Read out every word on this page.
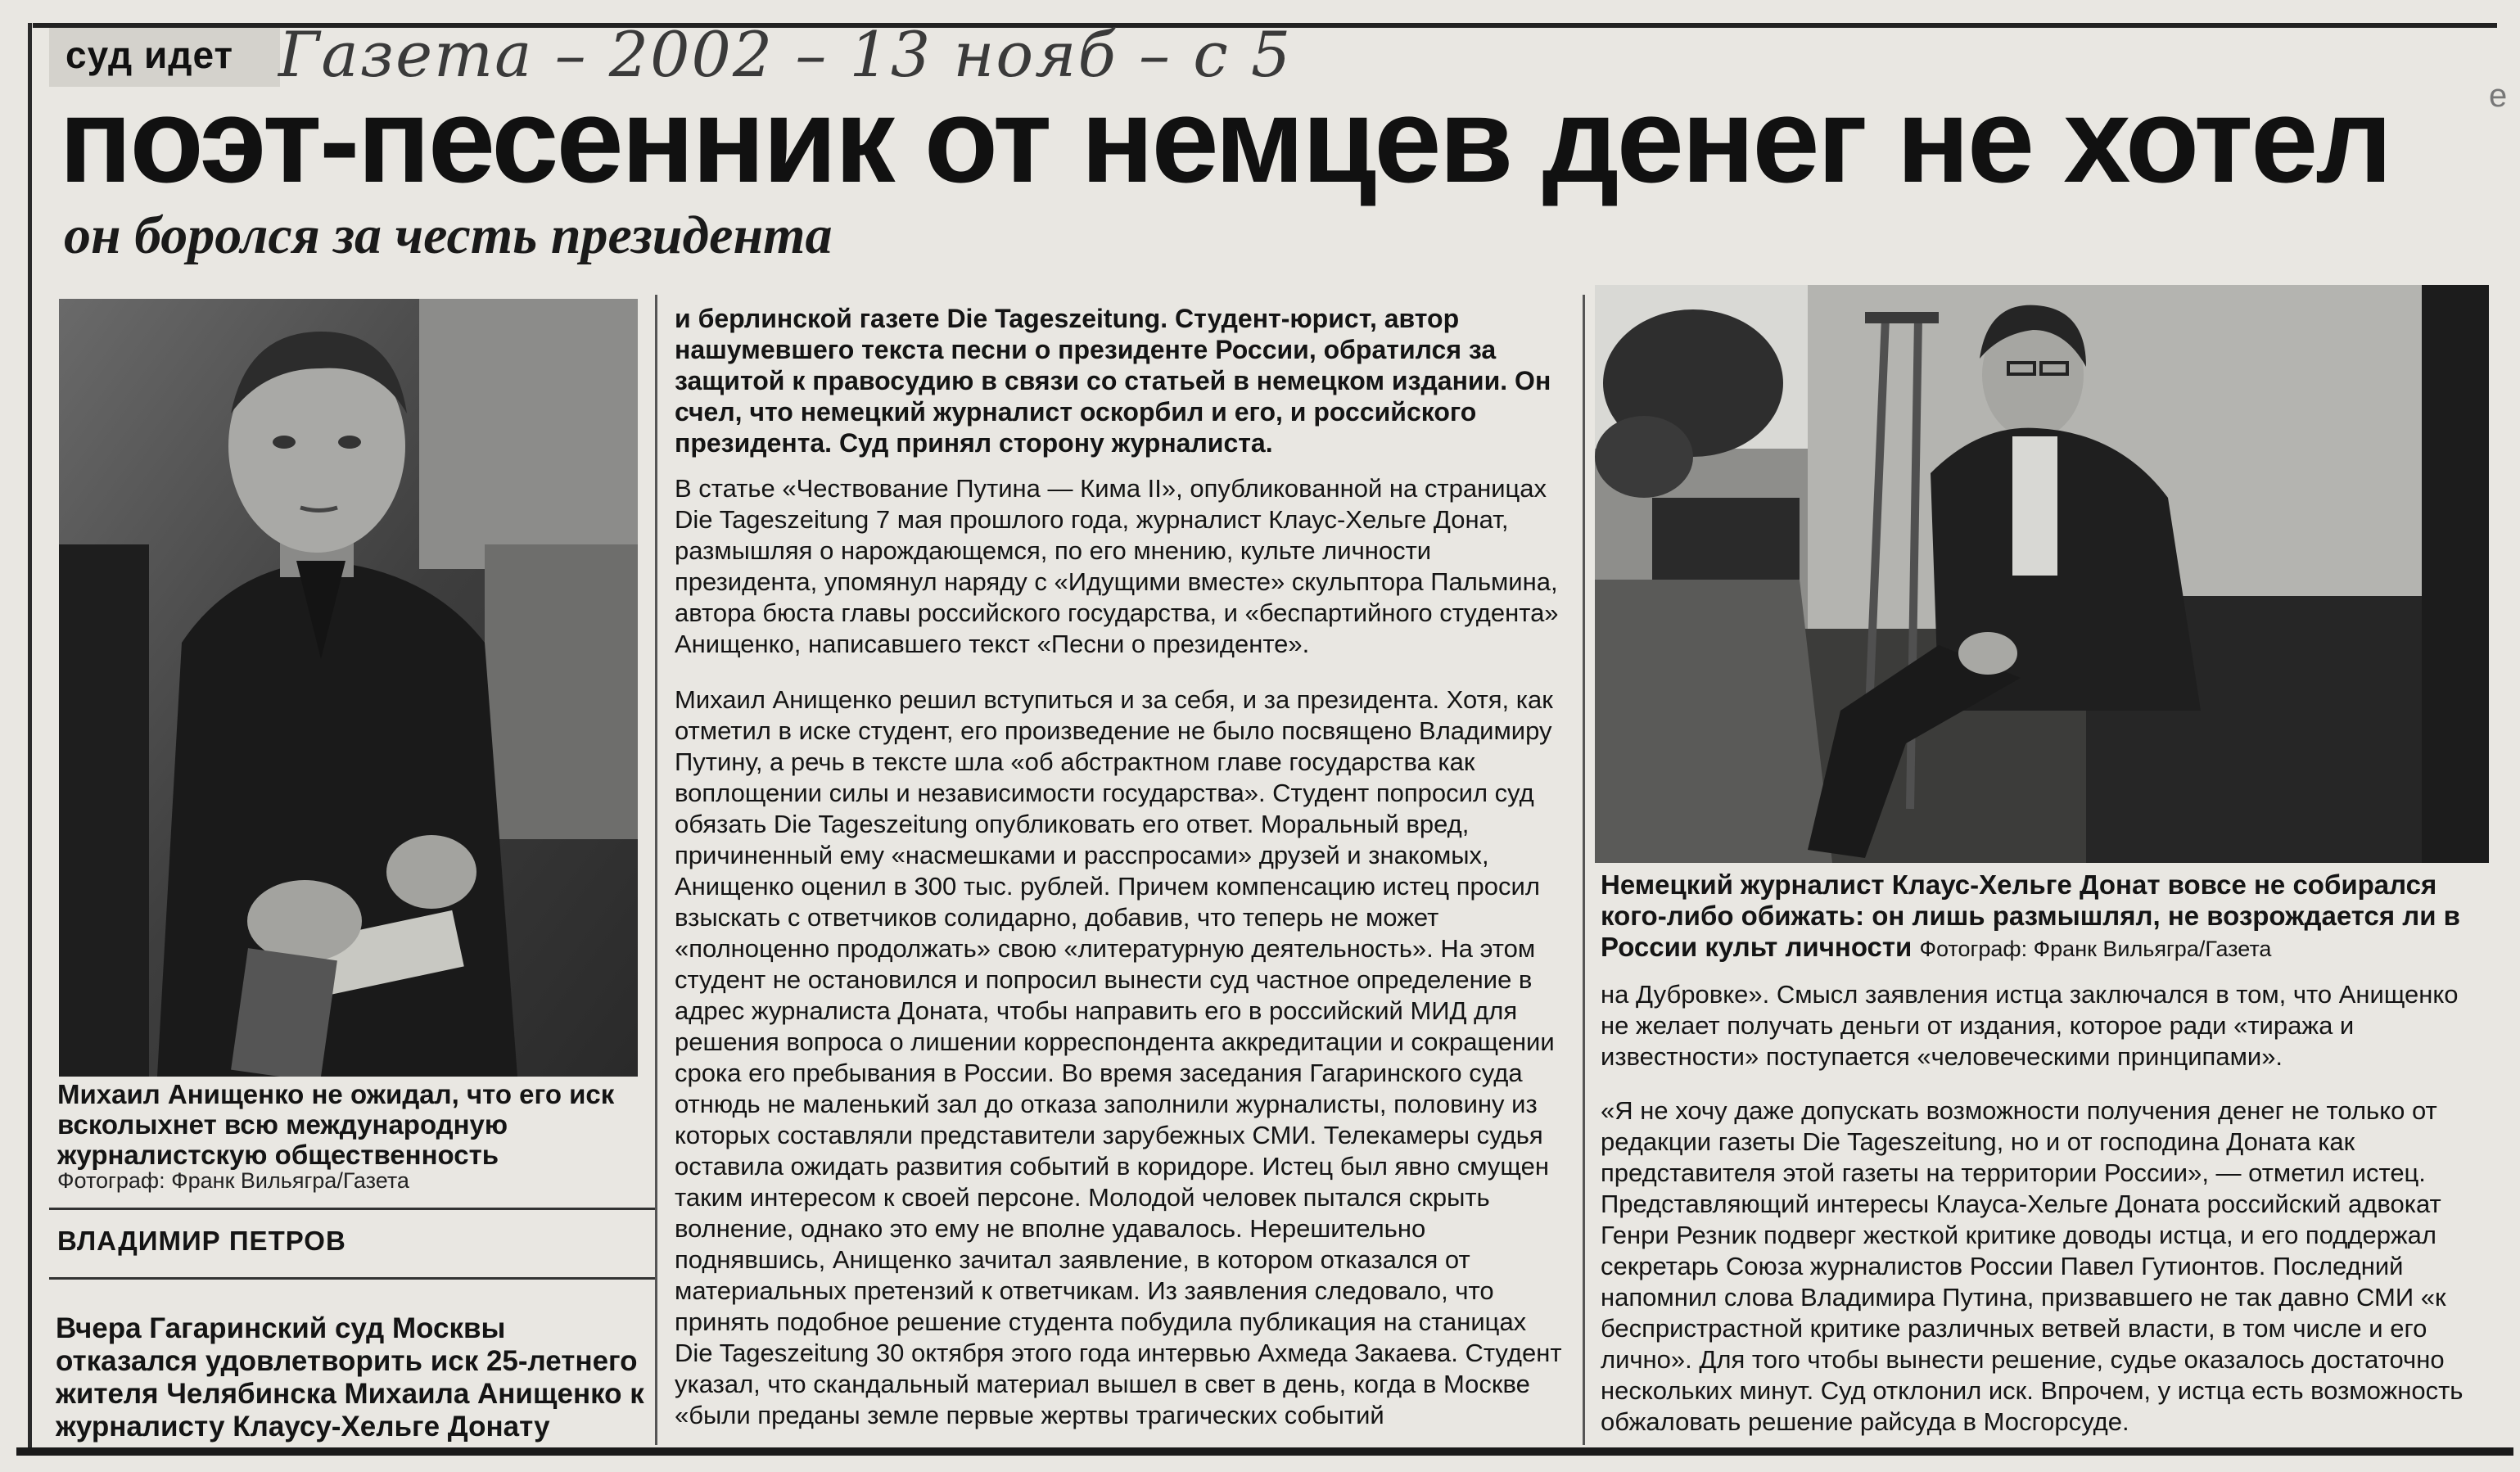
суд идет Газета – 2002 – 13 нояб – с 5
поэт-песенник от немцев денег не хотел
он боролся за честь президента
Михаил Анищенко не ожидал, что его иск всколыхнет всю международную журналистскую общественность
Фотограф: Франк Вильягра/Газета
ВЛАДИМИР ПЕТРОВ
Вчера Гагаринский суд Москвы отказался удовлетворить иск 25-летнего жителя Челябинска Михаила Анищенко к журналисту Клаусу-Хельге Донату
и берлинской газете Die Tageszeitung. Студент-юрист, автор нашумевшего текста песни о президенте России, обратился за защитой к правосудию в связи со статьей в немецком издании. Он счел, что немецкий журналист оскорбил и его, и российского президента. Суд принял сторону журналиста.

В статье «Чествование Путина — Кима II», опубликованной на страницах Die Tageszeitung 7 мая прошлого года, журналист Клаус-Хельге Донат, размышляя о нарождающемся, по его мнению, культе личности президента, упомянул наряду с «Идущими вместе» скульптора Пальмина, автора бюста главы российского государства, и «беспартийного студента» Анищенко, написавшего текст «Песни о президенте».

Михаил Анищенко решил вступиться и за себя, и за президента. Хотя, как отметил в иске студент, его произведение не было посвящено Владимиру Путину, а речь в тексте шла «об абстрактном главе государства как воплощении силы и независимости государства». Студент попросил суд обязать Die Tageszeitung опубликовать его ответ. Моральный вред, причиненный ему «насмешками и расспросами» друзей и знакомых, Анищенко оценил в 300 тыс. рублей. Причем компенсацию истец просил взыскать с ответчиков солидарно, добавив, что теперь не может «полноценно продолжать» свою «литературную деятельность». На этом студент не остановился и попросил вынести суд частное определение в адрес журналиста Доната, чтобы направить его в российский МИД для решения вопроса о лишении корреспондента аккредитации и сокращении срока его пребывания в России. Во время заседания Гагаринского суда отнюдь не маленький зал до отказа заполнили журналисты, половину из которых составляли представители зарубежных СМИ. Телекамеры судья оставила ожидать развития событий в коридоре. Истец был явно смущен таким интересом к своей персоне. Молодой человек пытался скрыть волнение, однако это ему не вполне удавалось. Нерешительно поднявшись, Анищенко зачитал заявление, в котором отказался от материальных претензий к ответчикам. Из заявления следовало, что принять подобное решение студента побудила публикация на станицах Die Tageszeitung 30 октября этого года интервью Ахмеда Закаева. Студент указал, что скандальный материал вышел в свет в день, когда в Москве «были преданы земле первые жертвы трагических событий

Немецкий журналист Клаус-Хельге Донат вовсе не собирался кого-либо обижать: он лишь размышлял, не возрождается ли в России культ личности Фотограф: Франк Вильягра/Газета

на Дубровке». Смысл заявления истца заключался в том, что Анищенко не желает получать деньги от издания, которое ради «тиража и известности» поступается «человеческими принципами».

«Я не хочу даже допускать возможности получения денег не только от редакции газеты Die Tageszeitung, но и от господина Доната как представителя этой газеты на территории России», — отметил истец. Представляющий интересы Клауса-Хельге Доната российский адвокат Генри Резник подверг жесткой критике доводы истца, и его поддержал секретарь Союза журналистов России Павел Гутионтов. Последний напомнил слова Владимира Путина, призвавшего не так давно СМИ «к беспристрастной критике различных ветвей власти, в том числе и его лично». Для того чтобы вынести решение, судье оказалось достаточно нескольких минут. Суд отклонил иск. Впрочем, у истца есть возможность обжаловать решение райсуда в Мосгорсуде.

е
